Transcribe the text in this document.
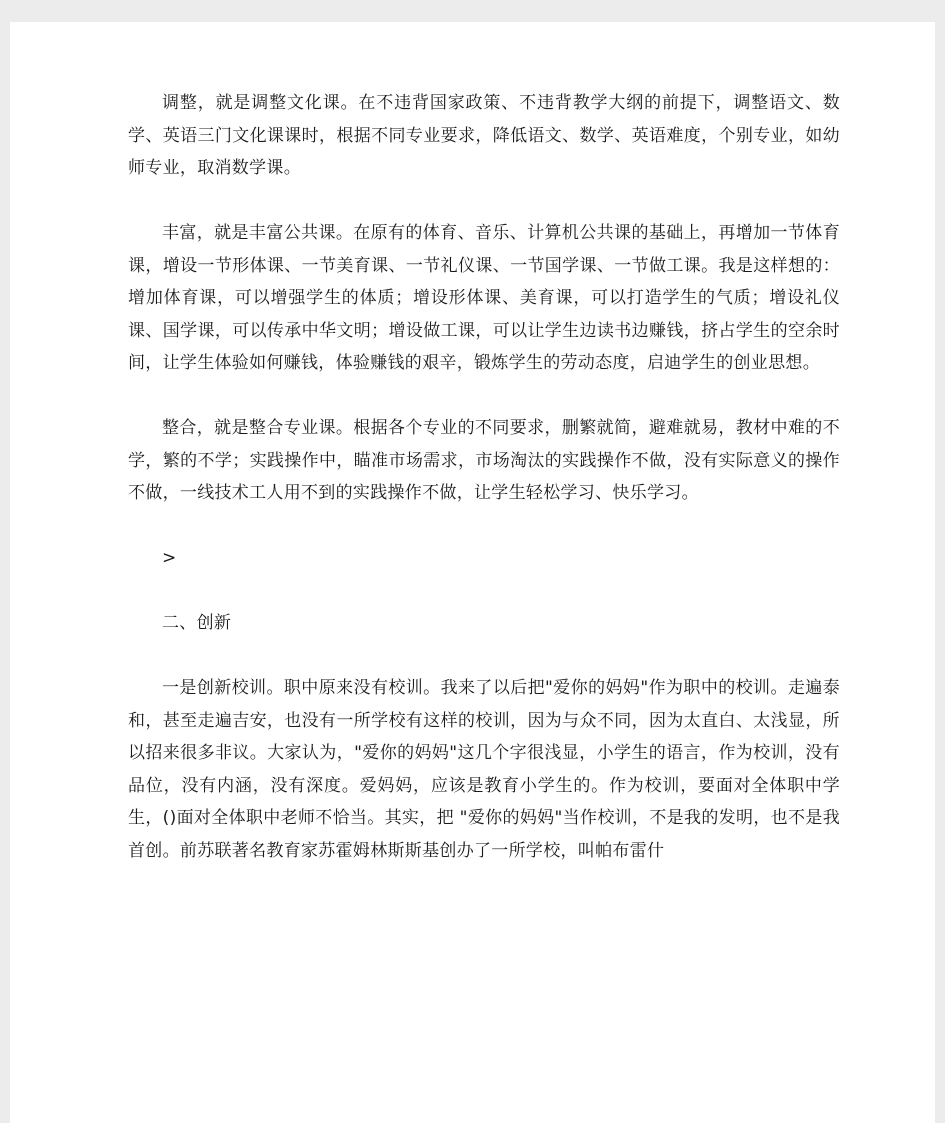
调整，就是调整文化课。在不违背国家政策、不违背教学大纲的前提下，调整语文、数学、英语三门文化课课时，根据不同专业要求，降低语文、数学、英语难度，个别专业，如幼师专业，取消数学课。

丰富，就是丰富公共课。在原有的体育、音乐、计算机公共课的基础上，再增加一节体育课，增设一节形体课、一节美育课、一节礼仪课、一节国学课、一节做工课。我是这样想的：增加体育课，可以增强学生的体质；增设形体课、美育课，可以打造学生的气质；增设礼仪课、国学课，可以传承中华文明；增设做工课，可以让学生边读书边赚钱，挤占学生的空余时间，让学生体验如何赚钱，体验赚钱的艰辛，锻炼学生的劳动态度，启迪学生的创业思想。

整合，就是整合专业课。根据各个专业的不同要求，删繁就简，避难就易，教材中难的不学，繁的不学；实践操作中，瞄准市场需求，市场淘汰的实践操作不做，没有实际意义的操作不做，一线技术工人用不到的实践操作不做，让学生轻松学习、快乐学习。

>

二、创新

一是创新校训。职中原来没有校训。我来了以后把"爱你的妈妈"作为职中的校训。走遍泰和，甚至走遍吉安，也没有一所学校有这样的校训，因为与众不同，因为太直白、太浅显，所以招来很多非议。大家认为，"爱你的妈妈"这几个字很浅显，小学生的语言，作为校训，没有品位，没有内涵，没有深度。爱妈妈，应该是教育小学生的。作为校训，要面对全体职中学生，()面对全体职中老师不恰当。其实，把 "爱你的妈妈"当作校训，不是我的发明，也不是我首创。前苏联著名教育家苏霍姆林斯斯基创办了一所学校，叫帕布雷什
